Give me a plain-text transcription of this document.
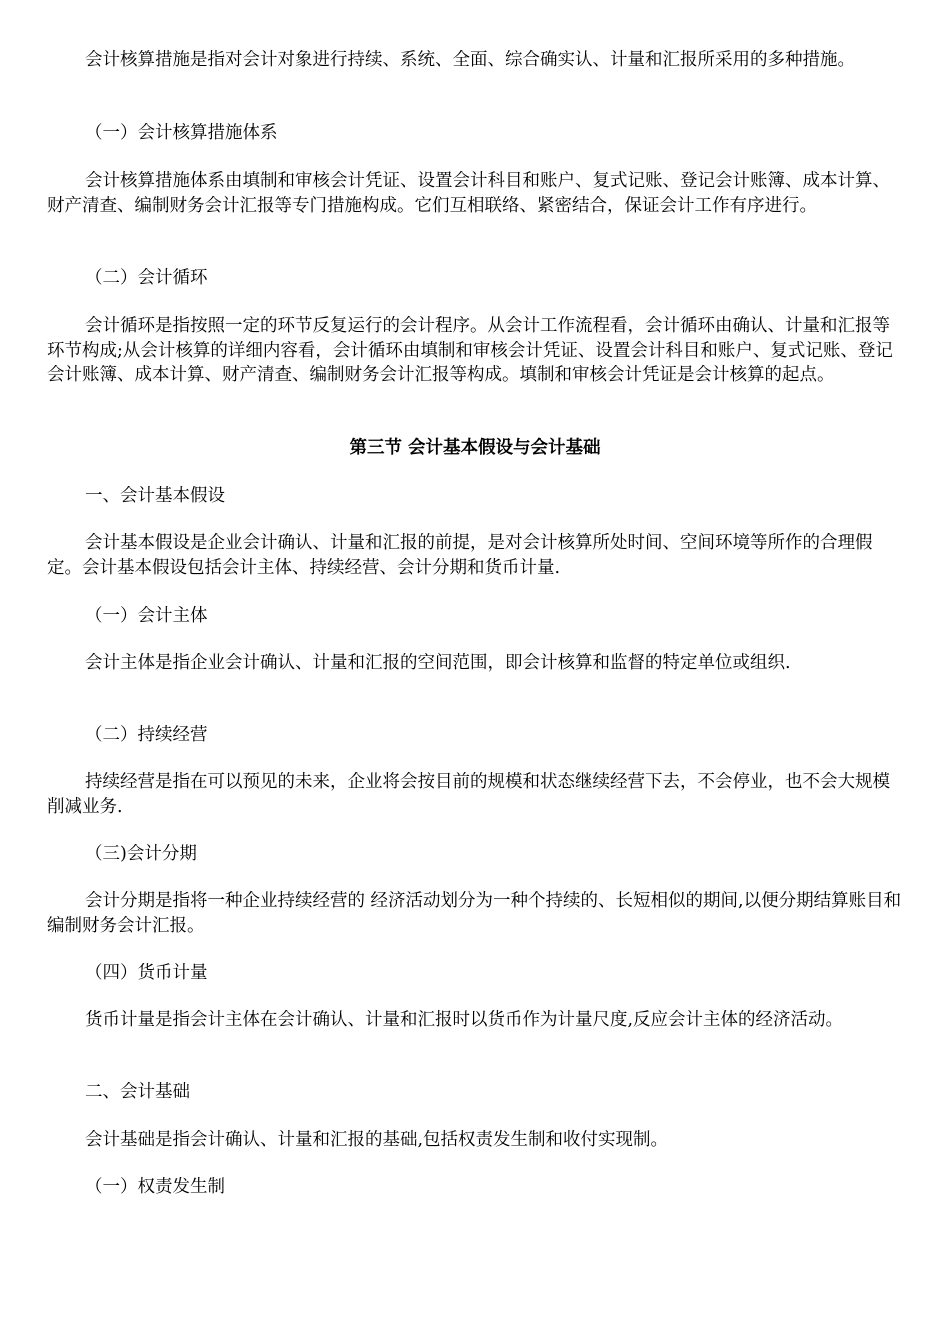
会计核算措施是指对会计对象进行持续、系统、全面、综合确实认、计量和汇报所采用的多种措施。

（一）会计核算措施体系

会计核算措施体系由填制和审核会计凭证、设置会计科目和账户、复式记账、登记会计账簿、成本计算、财产清查、编制财务会计汇报等专门措施构成。它们互相联络、紧密结合，保证会计工作有序进行。

（二）会计循环

会计循环是指按照一定的环节反复运行的会计程序。从会计工作流程看，会计循环由确认、计量和汇报等环节构成;从会计核算的详细内容看，会计循环由填制和审核会计凭证、设置会计科目和账户、复式记账、登记会计账簿、成本计算、财产清查、编制财务会计汇报等构成。填制和审核会计凭证是会计核算的起点。

第三节 会计基本假设与会计基础

一、会计基本假设

会计基本假设是企业会计确认、计量和汇报的前提，是对会计核算所处时间、空间环境等所作的合理假定。会计基本假设包括会计主体、持续经营、会计分期和货币计量.

（一）会计主体

会计主体是指企业会计确认、计量和汇报的空间范围，即会计核算和监督的特定单位或组织.

（二）持续经营

持续经营是指在可以预见的未来，企业将会按目前的规模和状态继续经营下去，不会停业，也不会大规模削减业务.

（三)会计分期

会计分期是指将一种企业持续经营的 经济活动划分为一种个持续的、长短相似的期间,以便分期结算账目和编制财务会计汇报。

（四）货币计量

货币计量是指会计主体在会计确认、计量和汇报时以货币作为计量尺度,反应会计主体的经济活动。

二、会计基础

会计基础是指会计确认、计量和汇报的基础,包括权责发生制和收付实现制。

（一）权责发生制
